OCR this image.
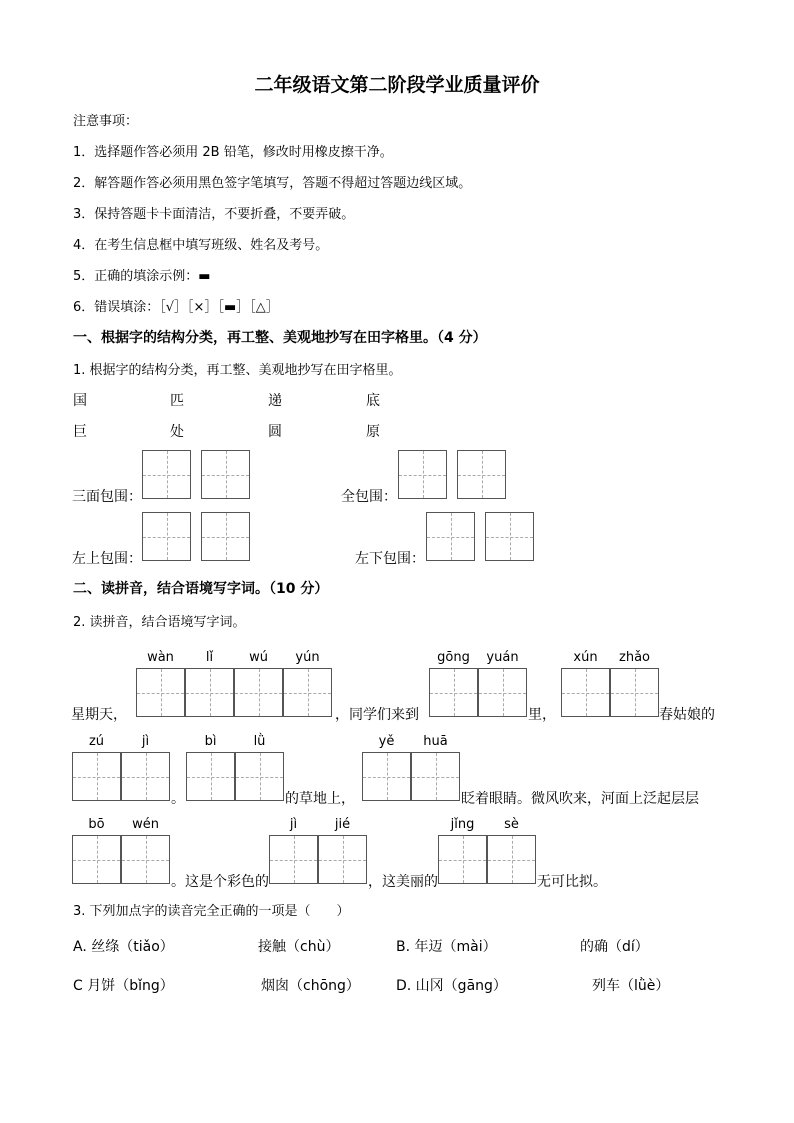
二年级语文第二阶段学业质量评价
注意事项：
1．选择题作答必须用 2B 铅笔，修改时用橡皮擦干净。
2．解答题作答必须用黑色签字笔填写，答题不得超过答题边线区域。
3．保持答题卡卡面清洁，不要折叠，不要弄破。
4．在考生信息框中填写班级、姓名及考号。
5．正确的填涂示例：▬
6．错误填涂：［√］［×］［▬］［△］
一、根据字的结构分类，再工整、美观地抄写在田字格里。（4 分）
1. 根据字的结构分类，再工整、美观地抄写在田字格里。
国	匹	递	底
巨	处	圆	原
三面包围：	全包围：
左上包围：	左下包围：
二、读拼音，结合语境写字词。（10 分）
2. 读拼音，结合语境写字词。
wàn	lǐ	wú	yún	gōng	yuán	xún	zhǎo
星期天，	，同学们来到	里，	春姑娘的
zú	jì	bì	lǜ	yě	huā
。	的草地上，	眨着眼睛。微风吹来，河面上泛起层层
bō	wén	jì	jié	jǐng	sè
。这是个彩色的	，这美丽的	无可比拟。
3. 下列加点字的读音完全正确的一项是（　　）
A. 丝绦（tiǎo）	接触（chù）	B. 年迈（mài）	的确（dí）
C 月饼（bǐng）	烟囱（chōng）	D. 山冈（gāng）	列车（lǜè）
